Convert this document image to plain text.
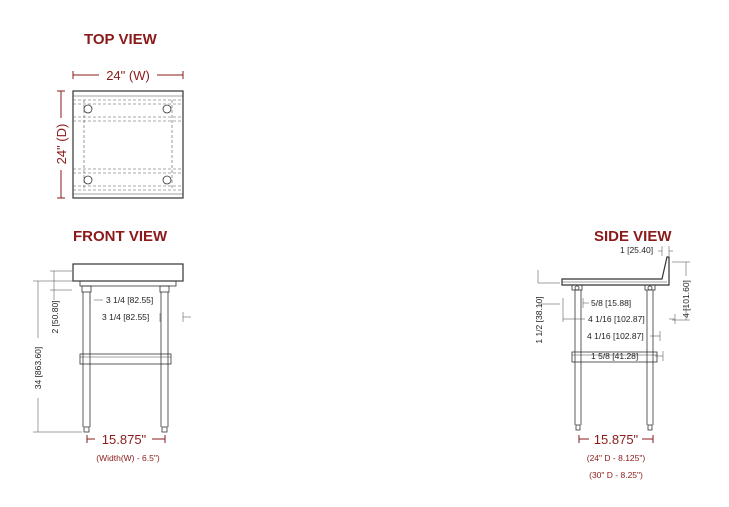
TOP VIEW
24" (W)
24" (D)
FRONT VIEW
2 [50.80]
34 [863.60]
3 1/4 [82.55]
3 1/4 [82.55]
15.875"
(Width(W) - 6.5")
SIDE VIEW
1 [25.40]
4 [101.60]
1 1/2 [38.10]	5/8 [15.88]
4 1/16 [102.87]
4 1/16 [102.87]
1 5/8 [41.28]
15.875"
(24" D - 8.125")
(30" D - 8.25")
